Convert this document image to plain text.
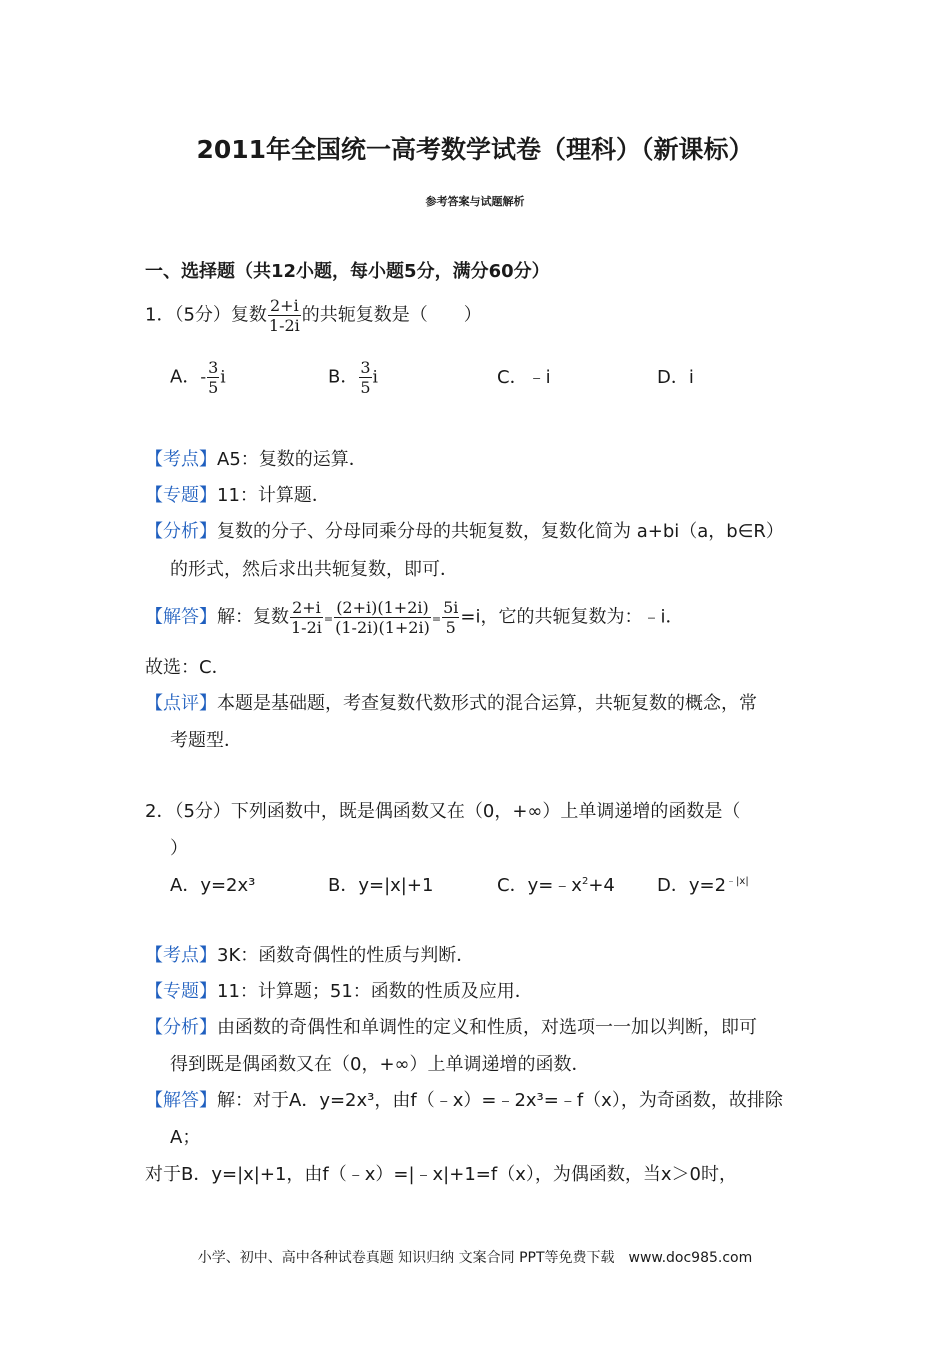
2011年全国统一高考数学试卷（理科）（新课标）
参考答案与试题解析
一、选择题（共12小题，每小题5分，满分60分）
1．（5分）复数 $\frac{2+i}{1-2i}$ 的共轭复数是（　　）
A．- $\frac{3}{5}$ i	B． $\frac{3}{5}$ i	C．﹣i	D．i
【考点】A5：复数的运算．
【专题】11：计算题．
【分析】复数的分子、分母同乘分母的共轭复数，复数化简为 a+bi（a，b∈R）
的形式，然后求出共轭复数，即可．
【解答】解：复数 $\frac{2+i}{1-2i} = \frac{(2+i)(1+2i)}{(1-2i)(1+2i)} = \frac{5i}{5} =i$，它的共轭复数为：﹣i．
故选：C．
【点评】本题是基础题，考查复数代数形式的混合运算，共轭复数的概念，常
考题型．
2．（5分）下列函数中，既是偶函数又在（0，+∞）上单调递增的函数是（
）
A．y=2x³	B．y=|x|+1	C．$y=﹣x^2+4$ D．$y=2^{﹣|x|}$
【考点】3K：函数奇偶性的性质与判断．
【专题】11：计算题；51：函数的性质及应用．
【分析】由函数的奇偶性和单调性的定义和性质，对选项一一加以判断，即可
得到既是偶函数又在（0，+∞）上单调递增的函数．
【解答】解：对于A．y=2x³，由f（﹣x）=﹣2x³=﹣f（x），为奇函数，故排除
A；
对于B．y=|x|+1，由f（﹣x）=|﹣x|+1=f（x），为偶函数，当x＞0时，
小学、初中、高中各种试卷真题 知识归纳 文案合同 PPT等免费下载　www.doc985.com
